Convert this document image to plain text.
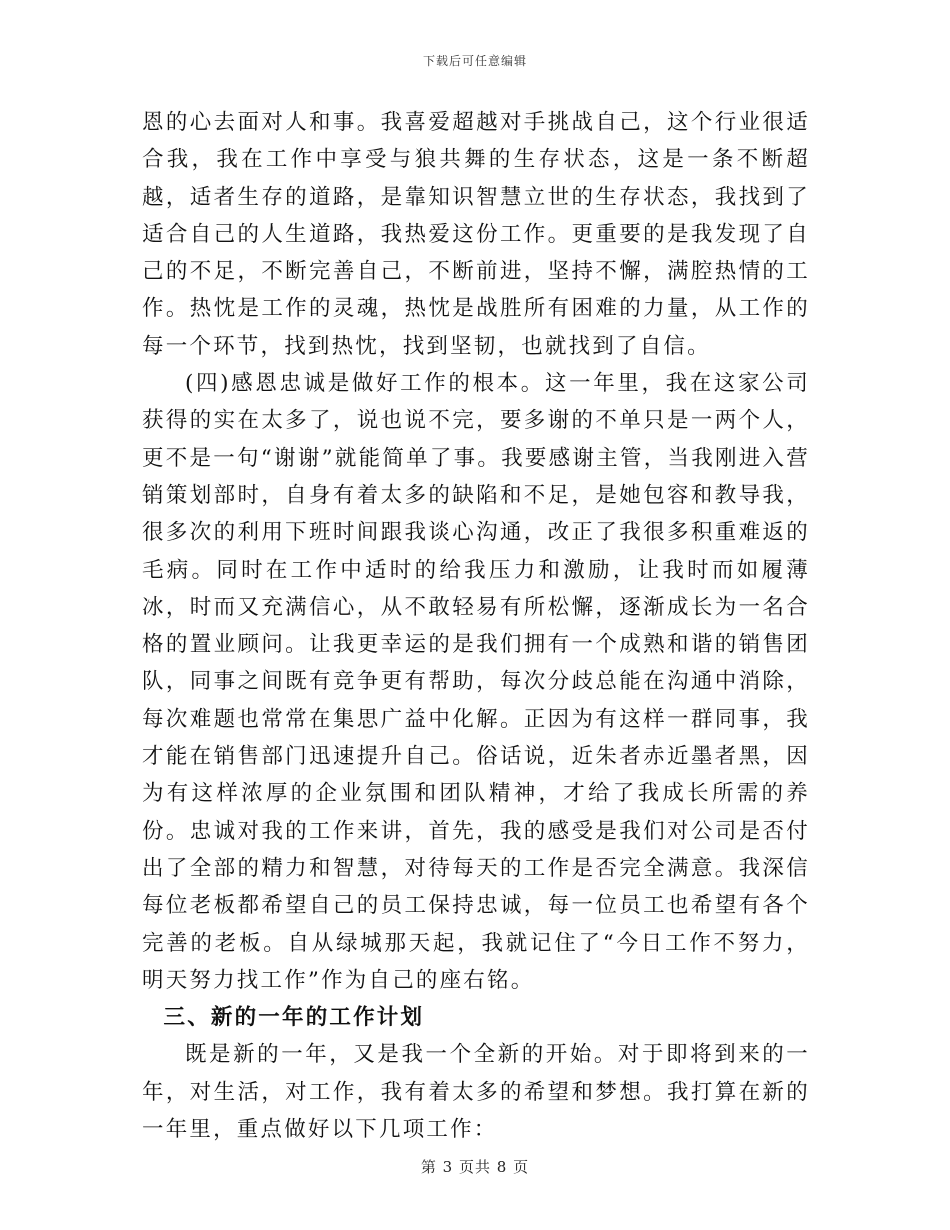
下载后可任意编辑

恩的心去面对人和事。我喜爱超越对手挑战自己，这个行业很适合我，我在工作中享受与狼共舞的生存状态，这是一条不断超越，适者生存的道路，是靠知识智慧立世的生存状态，我找到了适合自己的人生道路，我热爱这份工作。更重要的是我发现了自己的不足，不断完善自己，不断前进，坚持不懈，满腔热情的工作。热忱是工作的灵魂，热忱是战胜所有困难的力量，从工作的每一个环节，找到热忱，找到坚韧，也就找到了自信。

(四)感恩忠诚是做好工作的根本。这一年里，我在这家公司获得的实在太多了，说也说不完，要多谢的不单只是一两个人，更不是一句“谢谢”就能简单了事。我要感谢主管，当我刚进入营销策划部时，自身有着太多的缺陷和不足，是她包容和教导我，很多次的利用下班时间跟我谈心沟通，改正了我很多积重难返的毛病。同时在工作中适时的给我压力和激励，让我时而如履薄冰，时而又充满信心，从不敢轻易有所松懈，逐渐成长为一名合格的置业顾问。让我更幸运的是我们拥有一个成熟和谐的销售团队，同事之间既有竞争更有帮助，每次分歧总能在沟通中消除，每次难题也常常在集思广益中化解。正因为有这样一群同事，我才能在销售部门迅速提升自己。俗话说，近朱者赤近墨者黑，因为有这样浓厚的企业氛围和团队精神，才给了我成长所需的养份。忠诚对我的工作来讲，首先，我的感受是我们对公司是否付出了全部的精力和智慧，对待每天的工作是否完全满意。我深信每位老板都希望自己的员工保持忠诚，每一位员工也希望有各个完善的老板。自从绿城那天起，我就记住了“今日工作不努力，明天努力找工作”作为自己的座右铭。

三、新的一年的工作计划

既是新的一年，又是我一个全新的开始。对于即将到来的一年，对生活，对工作，我有着太多的希望和梦想。我打算在新的一年里，重点做好以下几项工作：

第 3 页共 8 页
